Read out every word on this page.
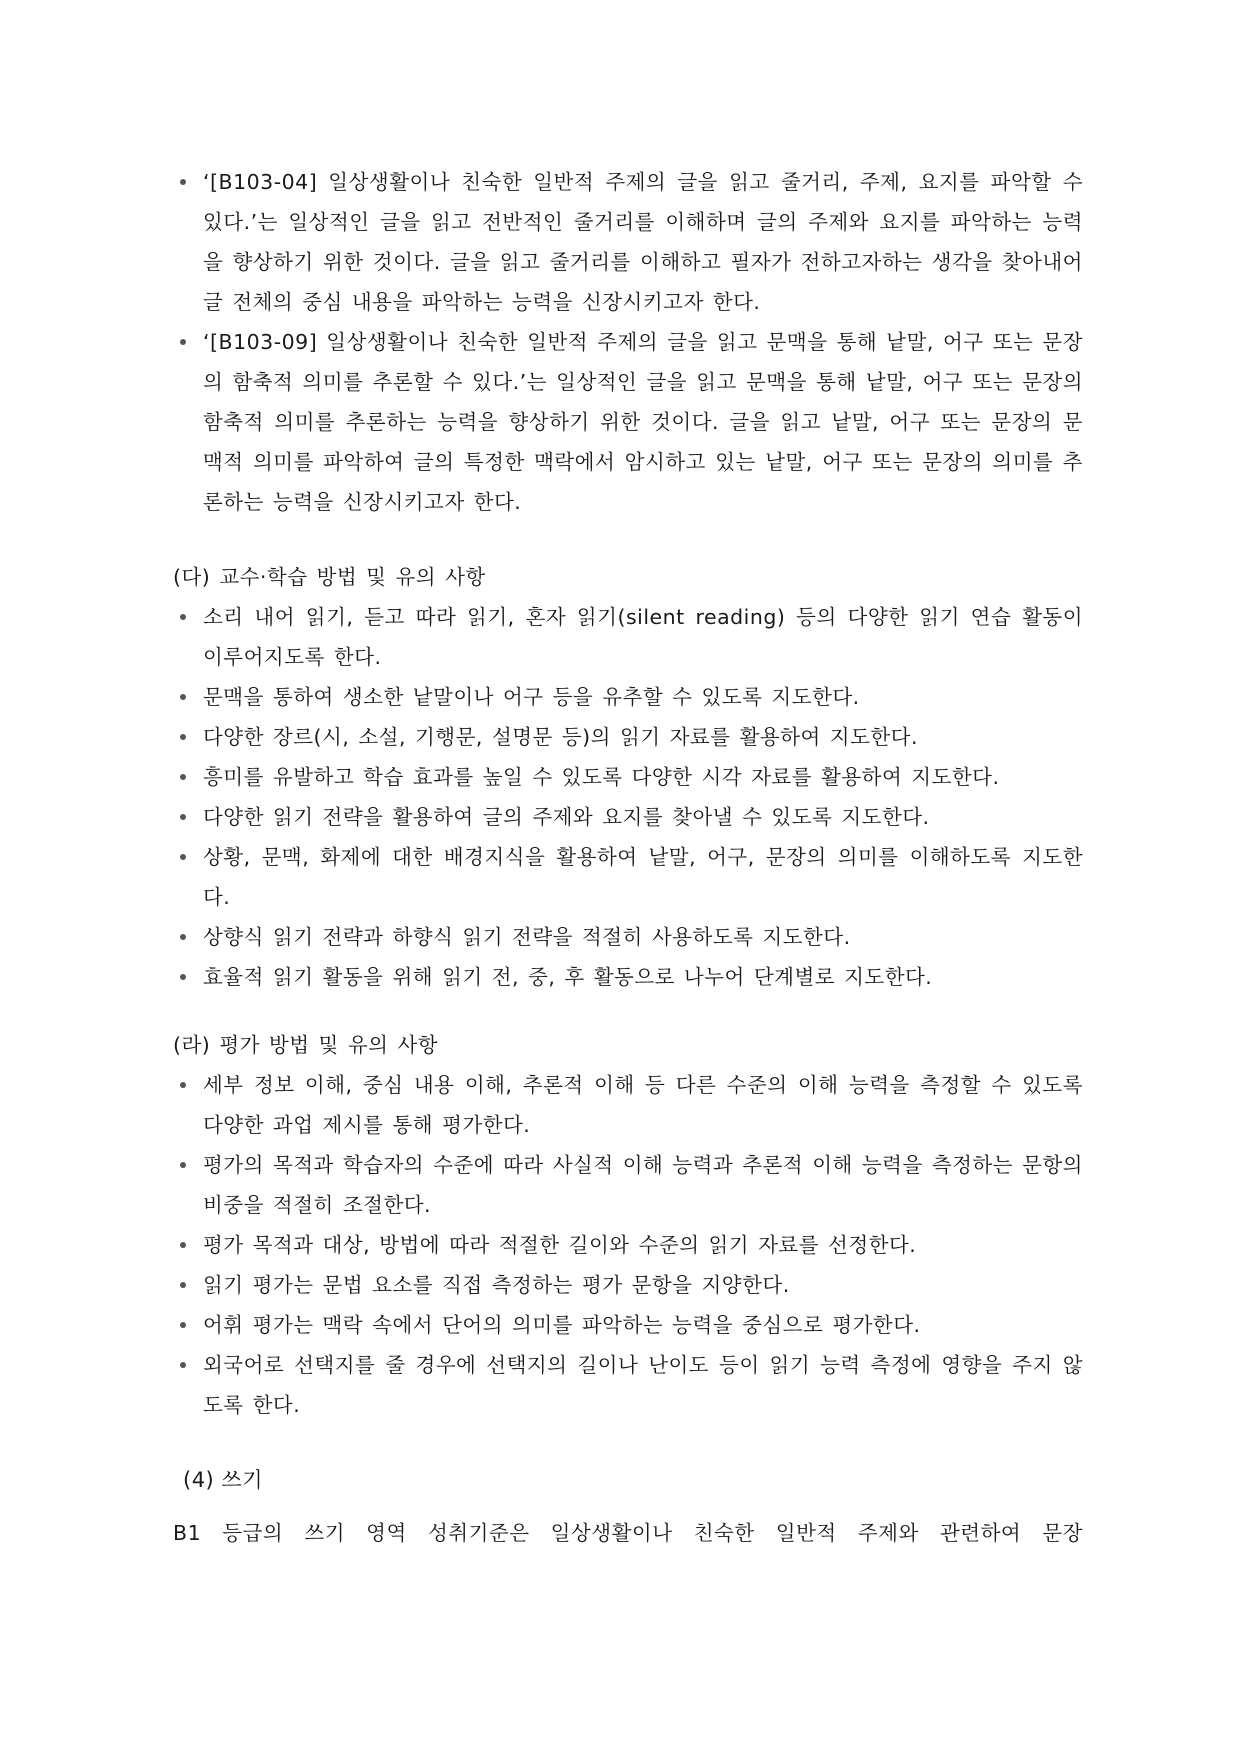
‘[B103-04] 일상생활이나 친숙한 일반적 주제의 글을 읽고 줄거리, 주제, 요지를 파악할 수 있다.’는 일상적인 글을 읽고 전반적인 줄거리를 이해하며 글의 주제와 요지를 파악하는 능력을 향상하기 위한 것이다. 글을 읽고 줄거리를 이해하고 필자가 전하고자하는 생각을 찾아내어 글 전체의 중심 내용을 파악하는 능력을 신장시키고자 한다.
‘[B103-09] 일상생활이나 친숙한 일반적 주제의 글을 읽고 문맥을 통해 낱말, 어구 또는 문장의 함축적 의미를 추론할 수 있다.’는 일상적인 글을 읽고 문맥을 통해 낱말, 어구 또는 문장의 함축적 의미를 추론하는 능력을 향상하기 위한 것이다. 글을 읽고 낱말, 어구 또는 문장의 문맥적 의미를 파악하여 글의 특정한 맥락에서 암시하고 있는 낱말, 어구 또는 문장의 의미를 추론하는 능력을 신장시키고자 한다.
(다) 교수·학습 방법 및 유의 사항
소리 내어 읽기, 듣고 따라 읽기, 혼자 읽기(silent reading) 등의 다양한 읽기 연습 활동이 이루어지도록 한다.
문맥을 통하여 생소한 낱말이나 어구 등을 유추할 수 있도록 지도한다.
다양한 장르(시, 소설, 기행문, 설명문 등)의 읽기 자료를 활용하여 지도한다.
흥미를 유발하고 학습 효과를 높일 수 있도록 다양한 시각 자료를 활용하여 지도한다.
다양한 읽기 전략을 활용하여 글의 주제와 요지를 찾아낼 수 있도록 지도한다.
상황, 문맥, 화제에 대한 배경지식을 활용하여 낱말, 어구, 문장의 의미를 이해하도록 지도한다.
상향식 읽기 전략과 하향식 읽기 전략을 적절히 사용하도록 지도한다.
효율적 읽기 활동을 위해 읽기 전, 중, 후 활동으로 나누어 단계별로 지도한다.
(라) 평가 방법 및 유의 사항
세부 정보 이해, 중심 내용 이해, 추론적 이해 등 다른 수준의 이해 능력을 측정할 수 있도록 다양한 과업 제시를 통해 평가한다.
평가의 목적과 학습자의 수준에 따라 사실적 이해 능력과 추론적 이해 능력을 측정하는 문항의 비중을 적절히 조절한다.
평가 목적과 대상, 방법에 따라 적절한 길이와 수준의 읽기 자료를 선정한다.
읽기 평가는 문법 요소를 직접 측정하는 평가 문항을 지양한다.
어휘 평가는 맥락 속에서 단어의 의미를 파악하는 능력을 중심으로 평가한다.
외국어로 선택지를 줄 경우에 선택지의 길이나 난이도 등이 읽기 능력 측정에 영향을 주지 않도록 한다.
(4) 쓰기
B1 등급의 쓰기 영역 성취기준은 일상생활이나 친숙한 일반적 주제와 관련하여 문장
